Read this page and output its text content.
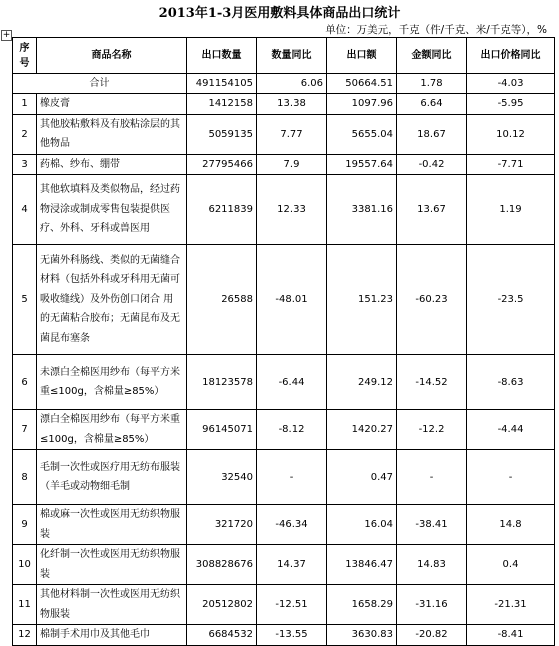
2013年1-3月医用敷料具体商品出口统计
单位：万美元，千克（件/千克、米/千克等），%
+
序号	商品名称	出口数量	数量同比	出口额	金额同比	出口价格同比
合计		491154105	6.06	50664.51	1.78	-4.03
1	橡皮膏	1412158	13.38	1097.96	6.64	-5.95
2	其他胶粘敷料及有胶粘涂层的其他物品	5059135	7.77	5655.04	18.67	10.12
3	药棉、纱布、绷带	27795466	7.9	19557.64	-0.42	-7.71
4	其他软填料及类似物品，经过药物浸涂或制成零售包装提供医疗、外科、牙科或兽医用	6211839	12.33	3381.16	13.67	1.19
5	无菌外科肠线、类似的无菌缝合材料（包括外科或牙科用无菌可吸收缝线）及外伤创口闭合 用的无菌粘合胶布；无菌昆布及无菌昆布塞条	26588	-48.01	151.23	-60.23	-23.5
6	未漂白全棉医用纱布（每平方米重≤100g，含棉量≥85%）	18123578	-6.44	249.12	-14.52	-8.63
7	漂白全棉医用纱布（每平方米重≤100g，含棉量≥85%）	96145071	-8.12	1420.27	-12.2	-4.44
8	毛制一次性或医疗用无纺布服装（羊毛或动物细毛制	32540	-	0.47	-	-
9	棉或麻一次性或医用无纺织物服装	321720	-46.34	16.04	-38.41	14.8
10	化纤制一次性或医用无纺织物服装	308828676	14.37	13846.47	14.83	0.4
11	其他材料制一次性或医用无纺织物服装	20512802	-12.51	1658.29	-31.16	-21.31
12	棉制手术用巾及其他毛巾	6684532	-13.55	3630.83	-20.82	-8.41
